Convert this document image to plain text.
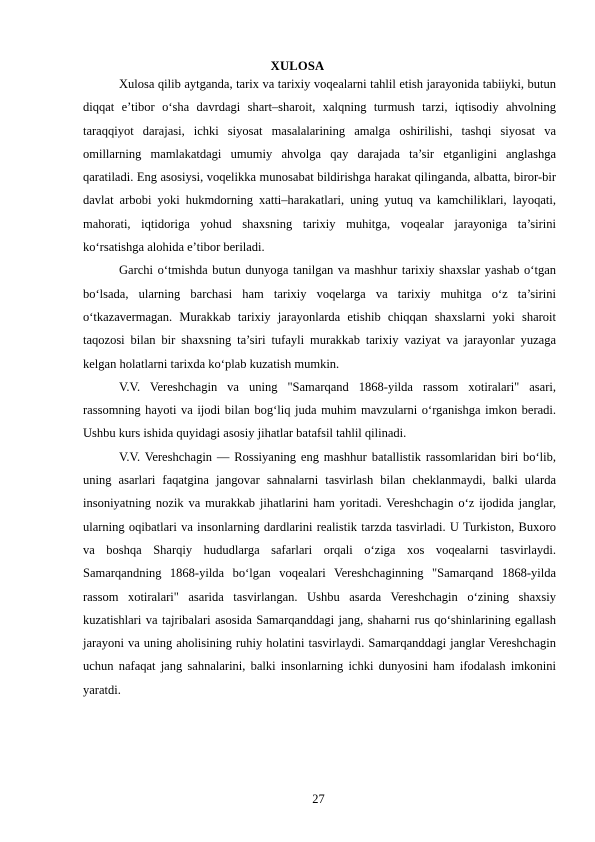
XULOSA

Xulosa qilib aytganda, tarix va tarixiy voqealarni tahlil etish jarayonida tabiiyki, butun diqqat e’tibor o‘sha davrdagi shart–sharoit, xalqning turmush tarzi, iqtisodiy ahvolning taraqqiyot darajasi, ichki siyosat masalalarining amalga oshirilishi, tashqi siyosat va omillarning mamlakatdagi umumiy ahvolga qay darajada ta’sir etganligini anglashga qaratiladi. Eng asosiysi, voqelikka munosabat bildirishga harakat qilinganda, albatta, biror-bir davlat arbobi yoki hukmdorning xatti–harakatlari, uning yutuq va kamchiliklari, layoqati, mahorati, iqtidoriga yohud shaxsning tarixiy muhitga, voqealar jarayoniga ta’sirini ko‘rsatishga alohida e’tibor beriladi.

Garchi o‘tmishda butun dunyoga tanilgan va mashhur tarixiy shaxslar yashab o‘tgan bo‘lsada, ularning barchasi ham tarixiy voqelarga va tarixiy muhitga o‘z ta’sirini o‘tkazavermagan. Murakkab tarixiy jarayonlarda etishib chiqqan shaxslarni yoki sharoit taqozosi bilan bir shaxsning ta’siri tufayli murakkab tarixiy vaziyat va jarayonlar yuzaga kelgan holatlarni tarixda ko‘plab kuzatish mumkin.

V.V. Vereshchagin va uning "Samarqand 1868-yilda rassom xotiralari" asari, rassomning hayoti va ijodi bilan bog‘liq juda muhim mavzularni o‘rganishga imkon beradi. Ushbu kurs ishida quyidagi asosiy jihatlar batafsil tahlil qilinadi.

V.V. Vereshchagin — Rossiyaning eng mashhur batallistik rassomlaridan biri bo‘lib, uning asarlari faqatgina jangovar sahnalarni tasvirlash bilan cheklanmaydi, balki ularda insoniyatning nozik va murakkab jihatlarini ham yoritadi. Vereshchagin o‘z ijodida janglar, ularning oqibatlari va insonlarning dardlarini realistik tarzda tasvirladi. U Turkiston, Buxoro va boshqa Sharqiy hududlarga safarlari orqali o‘ziga xos voqealarni tasvirlaydi. Samarqandning 1868-yilda bo‘lgan voqealari Vereshchaginning "Samarqand 1868-yilda rassom xotiralari" asarida tasvirlangan. Ushbu asarda Vereshchagin o‘zining shaxsiy kuzatishlari va tajribalari asosida Samarqanddagi jang, shaharni rus qo‘shinlarining egallash jarayoni va uning aholisining ruhiy holatini tasvirlaydi. Samarqanddagi janglar Vereshchagin uchun nafaqat jang sahnalarini, balki insonlarning ichki dunyosini ham ifodalash imkonini yaratdi.

27
